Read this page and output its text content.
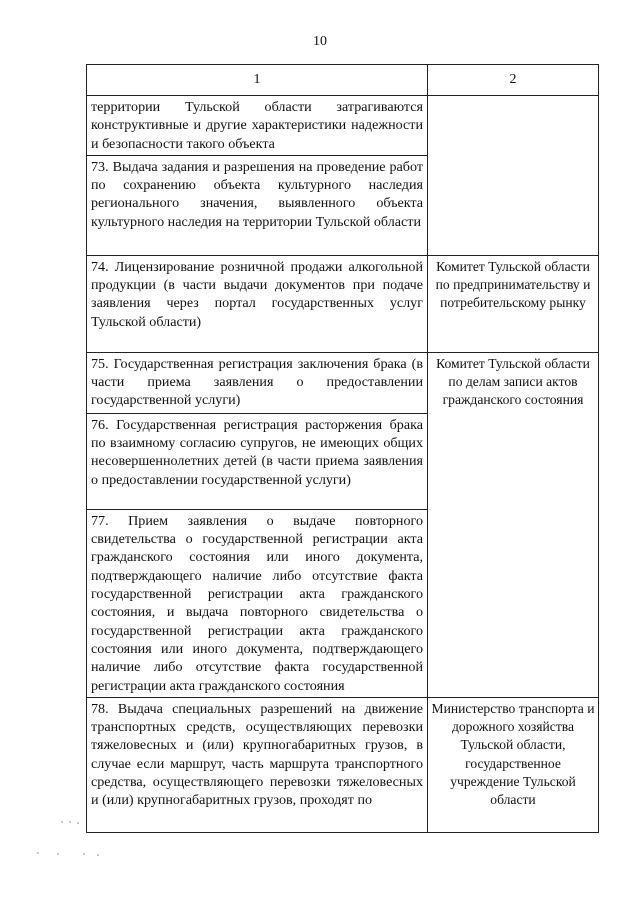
10
1	2
территории Тульской области затрагиваются конструктивные и другие характеристики надежности и безопасности такого объекта	
73. Выдача задания и разрешения на проведение работ по сохранению объекта культурного наследия регионального значения, выявленного объекта культурного наследия на территории Тульской области	
74. Лицензирование розничной продажи алкогольной продукции (в части выдачи документов при подаче заявления через портал государственных услуг Тульской области)	Комитет Тульской области по предпринимательству и потребительскому рынку
75. Государственная регистрация заключения брака (в части приема заявления о предоставлении государственной услуги)	Комитет Тульской области по делам записи актов гражданского состояния
76. Государственная регистрация расторжения брака по взаимному согласию супругов, не имеющих общих несовершеннолетних детей (в части приема заявления о предоставлении государственной услуги)	
77. Прием заявления о выдаче повторного свидетельства о государственной регистрации акта гражданского состояния или иного документа, подтверждающего наличие либо отсутствие факта государственной регистрации акта гражданского состояния, и выдача повторного свидетельства о государственной регистрации акта гражданского состояния или иного документа, подтверждающего наличие либо отсутствие факта государственной регистрации акта гражданского состояния	
78. Выдача специальных разрешений на движение транспортных средств, осуществляющих перевозки тяжеловесных и (или) крупногабаритных грузов, в случае если маршрут, часть маршрута транспортного средства, осуществляющего перевозки тяжеловесных и (или) крупногабаритных грузов, проходят по	Министерство транспорта и дорожного хозяйства Тульской области, государственное учреждение Тульской области
